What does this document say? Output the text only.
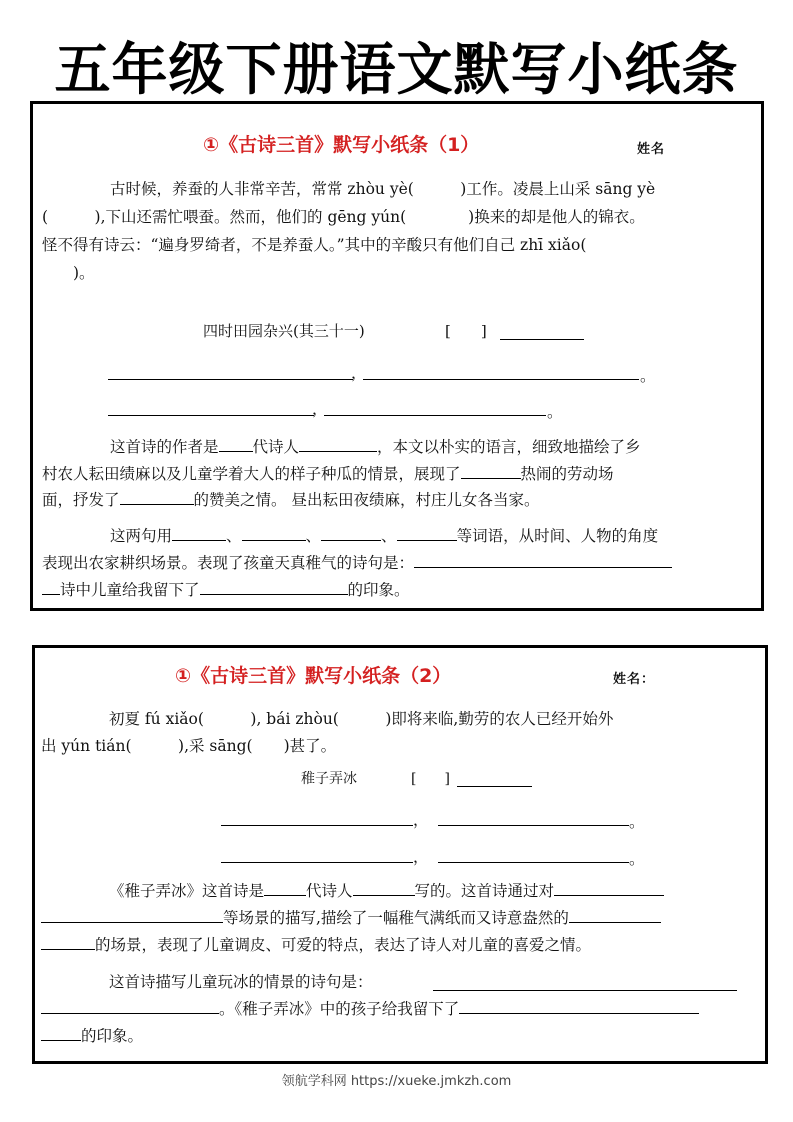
五年级下册语文默写小纸条
①《古诗三首》默写小纸条（1）	姓名
古时候，养蚕的人非常辛苦，常常 zhòu yè(　　　)工作。凌晨上山采 sāng yè
(　　　),下山还需忙喂蚕。然而，他们的 gēng yún(　　　　)换来的却是他人的锦衣。
怪不得有诗云：“遍身罗绮者，不是养蚕人。”其中的辛酸只有他们自己 zhī xiǎo(
　　)。
四时田园杂兴(其三十一)	[　　]
，	。
，	。
这首诗的作者是 代诗人	，本文以朴实的语言，细致地描绘了乡
村农人耘田绩麻以及儿童学着大人的样子种瓜的情景，展现了	热闹的劳动场
面，抒发了	的赞美之情。 昼出耘田夜绩麻，村庄儿女各当家。
这两句用	、	、	、	等词语，从时间、人物的角度
表现出农家耕织场景。表现了孩童天真稚气的诗句是：
诗中儿童给我留下了	的印象。
①《古诗三首》默写小纸条（2）	姓名：
初夏 fú xiǎo(　　　), bái zhòu(　　　)即将来临,勤劳的农人已经开始外
出 yún tián(　　　),采 sāng(　　)甚了。
稚子弄冰	[　　]
，	。
，	。
《稚子弄冰》这首诗是	代诗人	写的。这首诗通过对
等场景的描写,描绘了一幅稚气满纸而又诗意盎然的
的场景，表现了儿童调皮、可爱的特点，表达了诗人对儿童的喜爱之情。
这首诗描写儿童玩冰的情景的诗句是：
。《稚子弄冰》中的孩子给我留下了
的印象。
领航学科网 https://xueke.jmkzh.com
